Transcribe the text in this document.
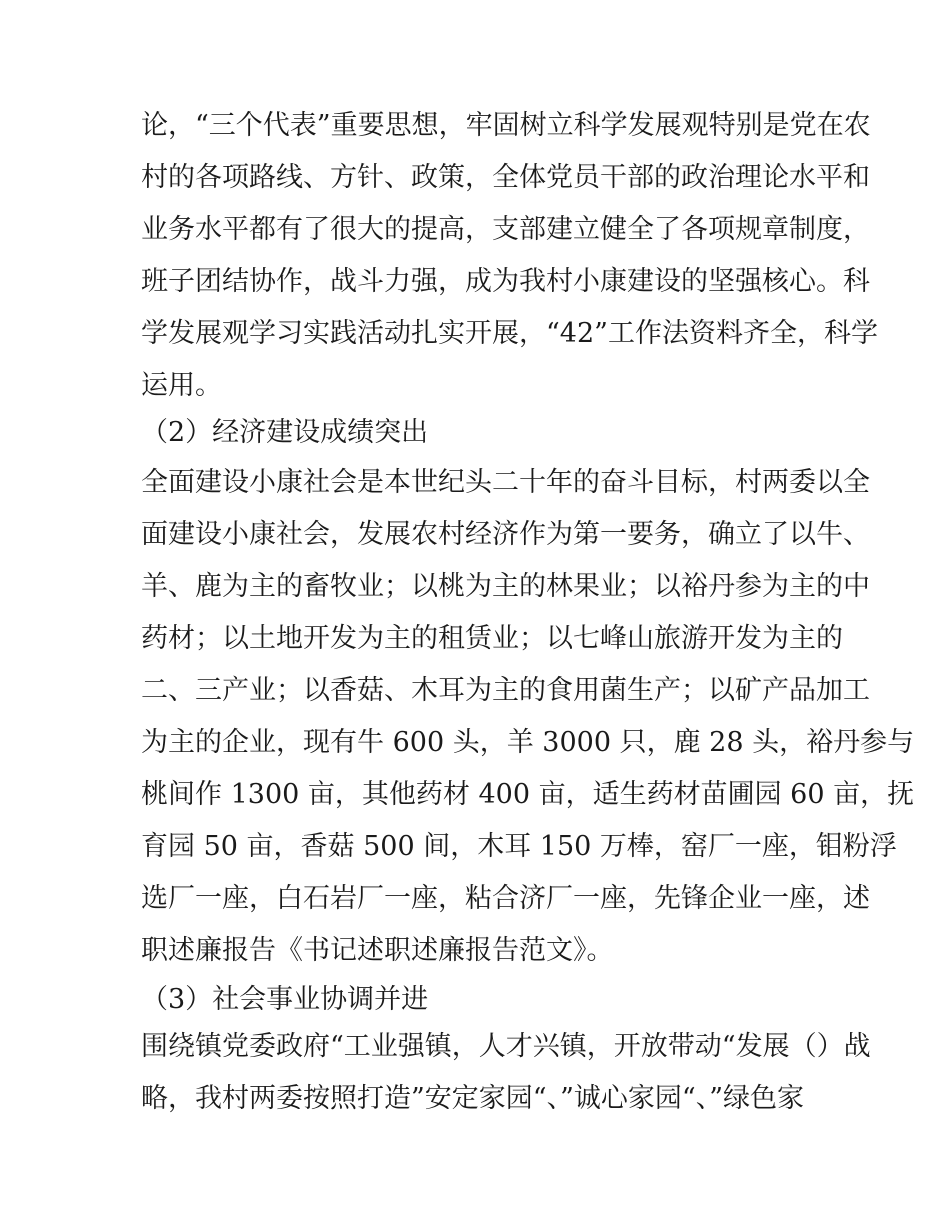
论，“三个代表”重要思想，牢固树立科学发展观特别是党在农
村的各项路线、方针、政策，全体党员干部的政治理论水平和
业务水平都有了很大的提高，支部建立健全了各项规章制度，
班子团结协作，战斗力强，成为我村小康建设的坚强核心。科
学发展观学习实践活动扎实开展，“42”工作法资料齐全，科学
运用。
（2）经济建设成绩突出
全面建设小康社会是本世纪头二十年的奋斗目标，村两委以全
面建设小康社会，发展农村经济作为第一要务，确立了以牛、
羊、鹿为主的畜牧业；以桃为主的林果业；以裕丹参为主的中
药材；以土地开发为主的租赁业；以七峰山旅游开发为主的
二、三产业；以香菇、木耳为主的食用菌生产；以矿产品加工
为主的企业，现有牛 600 头，羊 3000 只，鹿 28 头，裕丹参与
桃间作 1300 亩，其他药材 400 亩，适生药材苗圃园 60 亩，抚
育园 50 亩，香菇 500 间，木耳 150 万棒，窑厂一座，钼粉浮
选厂一座，白石岩厂一座，粘合济厂一座，先锋企业一座，述
职述廉报告《书记述职述廉报告范文》。
（3）社会事业协调并进
围绕镇党委政府“工业强镇，人才兴镇，开放带动“发展（）战
略，我村两委按照打造”安定家园“、”诚心家园“、”绿色家
